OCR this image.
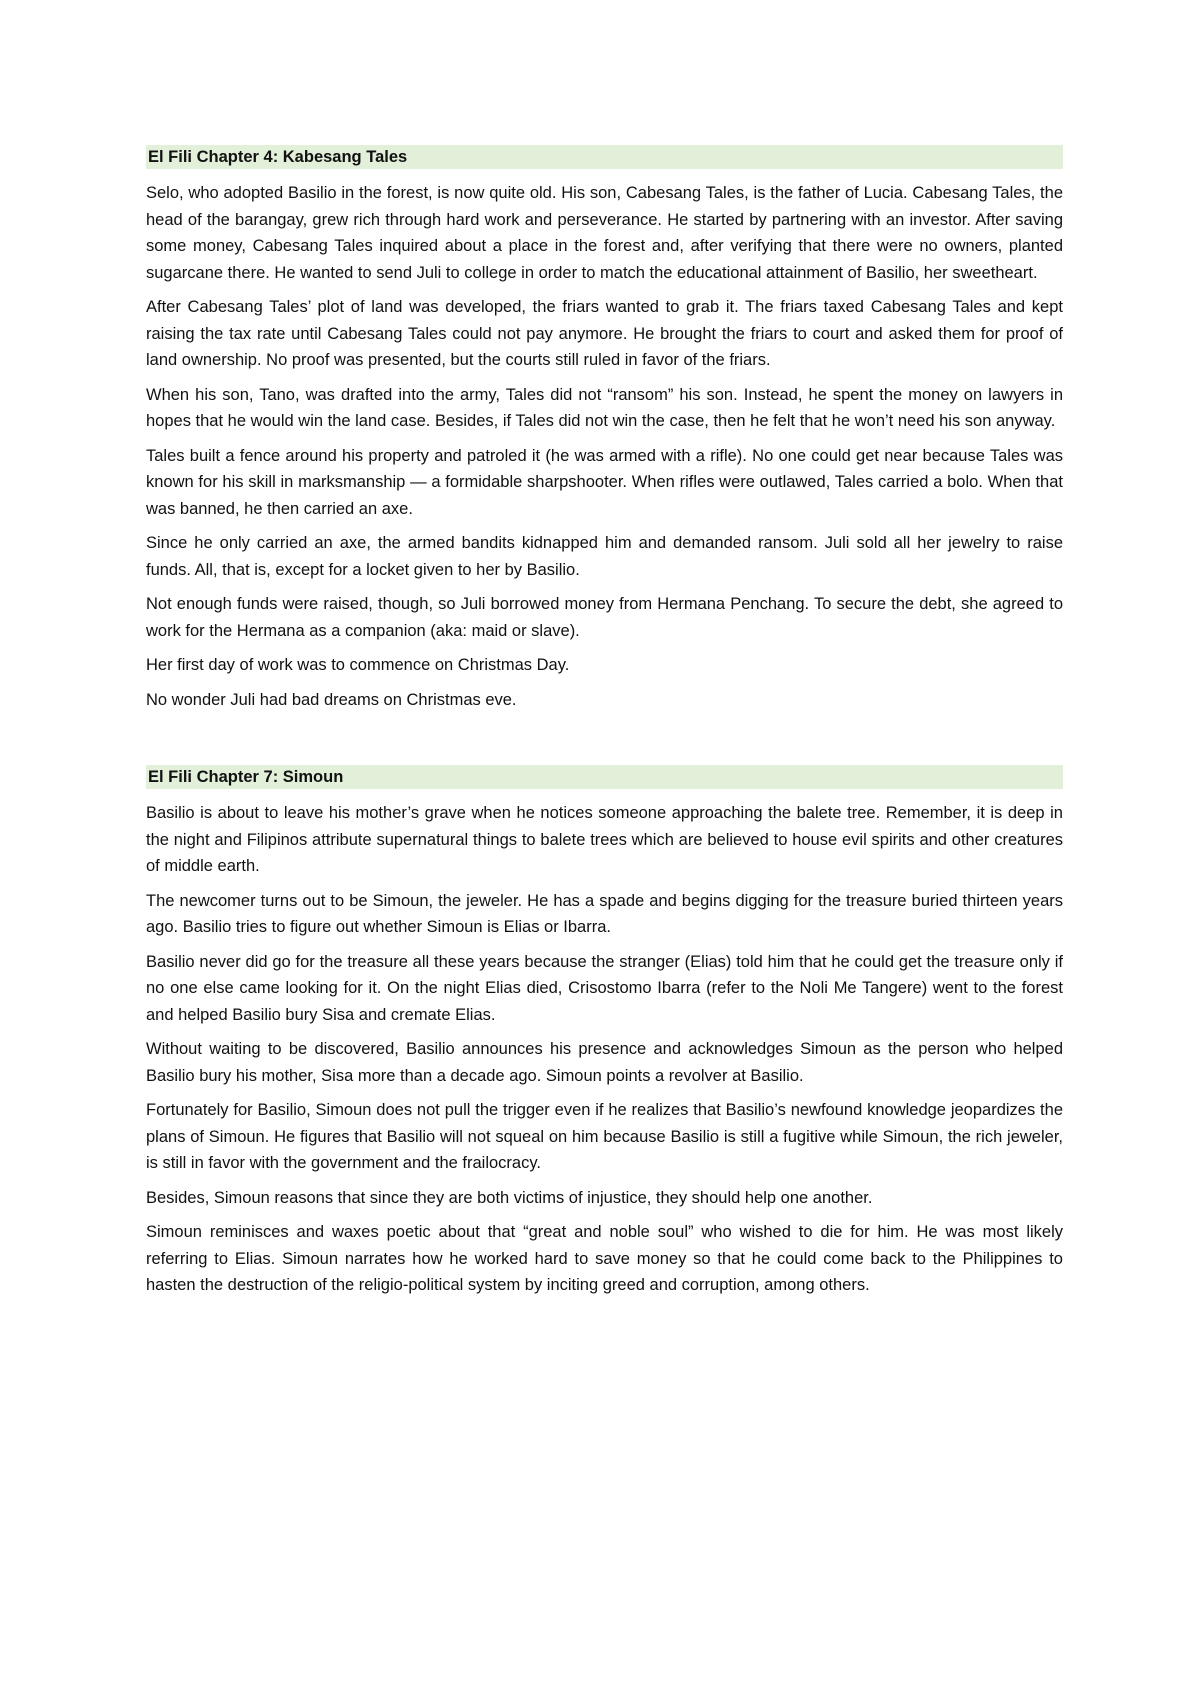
El Fili Chapter 4: Kabesang Tales

Selo, who adopted Basilio in the forest, is now quite old. His son, Cabesang Tales, is the father of Lucia. Cabesang Tales, the head of the barangay, grew rich through hard work and perseverance. He started by partnering with an investor. After saving some money, Cabesang Tales inquired about a place in the forest and, after verifying that there were no owners, planted sugarcane there. He wanted to send Juli to college in order to match the educational attainment of Basilio, her sweetheart.

After Cabesang Tales’ plot of land was developed, the friars wanted to grab it. The friars taxed Cabesang Tales and kept raising the tax rate until Cabesang Tales could not pay anymore. He brought the friars to court and asked them for proof of land ownership. No proof was presented, but the courts still ruled in favor of the friars.

When his son, Tano, was drafted into the army, Tales did not “ransom” his son. Instead, he spent the money on lawyers in hopes that he would win the land case. Besides, if Tales did not win the case, then he felt that he won’t need his son anyway.

Tales built a fence around his property and patroled it (he was armed with a rifle). No one could get near because Tales was known for his skill in marksmanship — a formidable sharpshooter. When rifles were outlawed, Tales carried a bolo. When that was banned, he then carried an axe.

Since he only carried an axe, the armed bandits kidnapped him and demanded ransom. Juli sold all her jewelry to raise funds. All, that is, except for a locket given to her by Basilio.

Not enough funds were raised, though, so Juli borrowed money from Hermana Penchang. To secure the debt, she agreed to work for the Hermana as a companion (aka: maid or slave).

Her first day of work was to commence on Christmas Day.

No wonder Juli had bad dreams on Christmas eve.

El Fili Chapter 7: Simoun

Basilio is about to leave his mother’s grave when he notices someone approaching the balete tree. Remember, it is deep in the night and Filipinos attribute supernatural things to balete trees which are believed to house evil spirits and other creatures of middle earth.

The newcomer turns out to be Simoun, the jeweler. He has a spade and begins digging for the treasure buried thirteen years ago. Basilio tries to figure out whether Simoun is Elias or Ibarra.

Basilio never did go for the treasure all these years because the stranger (Elias) told him that he could get the treasure only if no one else came looking for it. On the night Elias died, Crisostomo Ibarra (refer to the Noli Me Tangere) went to the forest and helped Basilio bury Sisa and cremate Elias.

Without waiting to be discovered, Basilio announces his presence and acknowledges Simoun as the person who helped Basilio bury his mother, Sisa more than a decade ago. Simoun points a revolver at Basilio.

Fortunately for Basilio, Simoun does not pull the trigger even if he realizes that Basilio’s newfound knowledge jeopardizes the plans of Simoun. He figures that Basilio will not squeal on him because Basilio is still a fugitive while Simoun, the rich jeweler, is still in favor with the government and the frailocracy.

Besides, Simoun reasons that since they are both victims of injustice, they should help one another.

Simoun reminisces and waxes poetic about that “great and noble soul” who wished to die for him. He was most likely referring to Elias. Simoun narrates how he worked hard to save money so that he could come back to the Philippines to hasten the destruction of the religio-political system by inciting greed and corruption, among others.
